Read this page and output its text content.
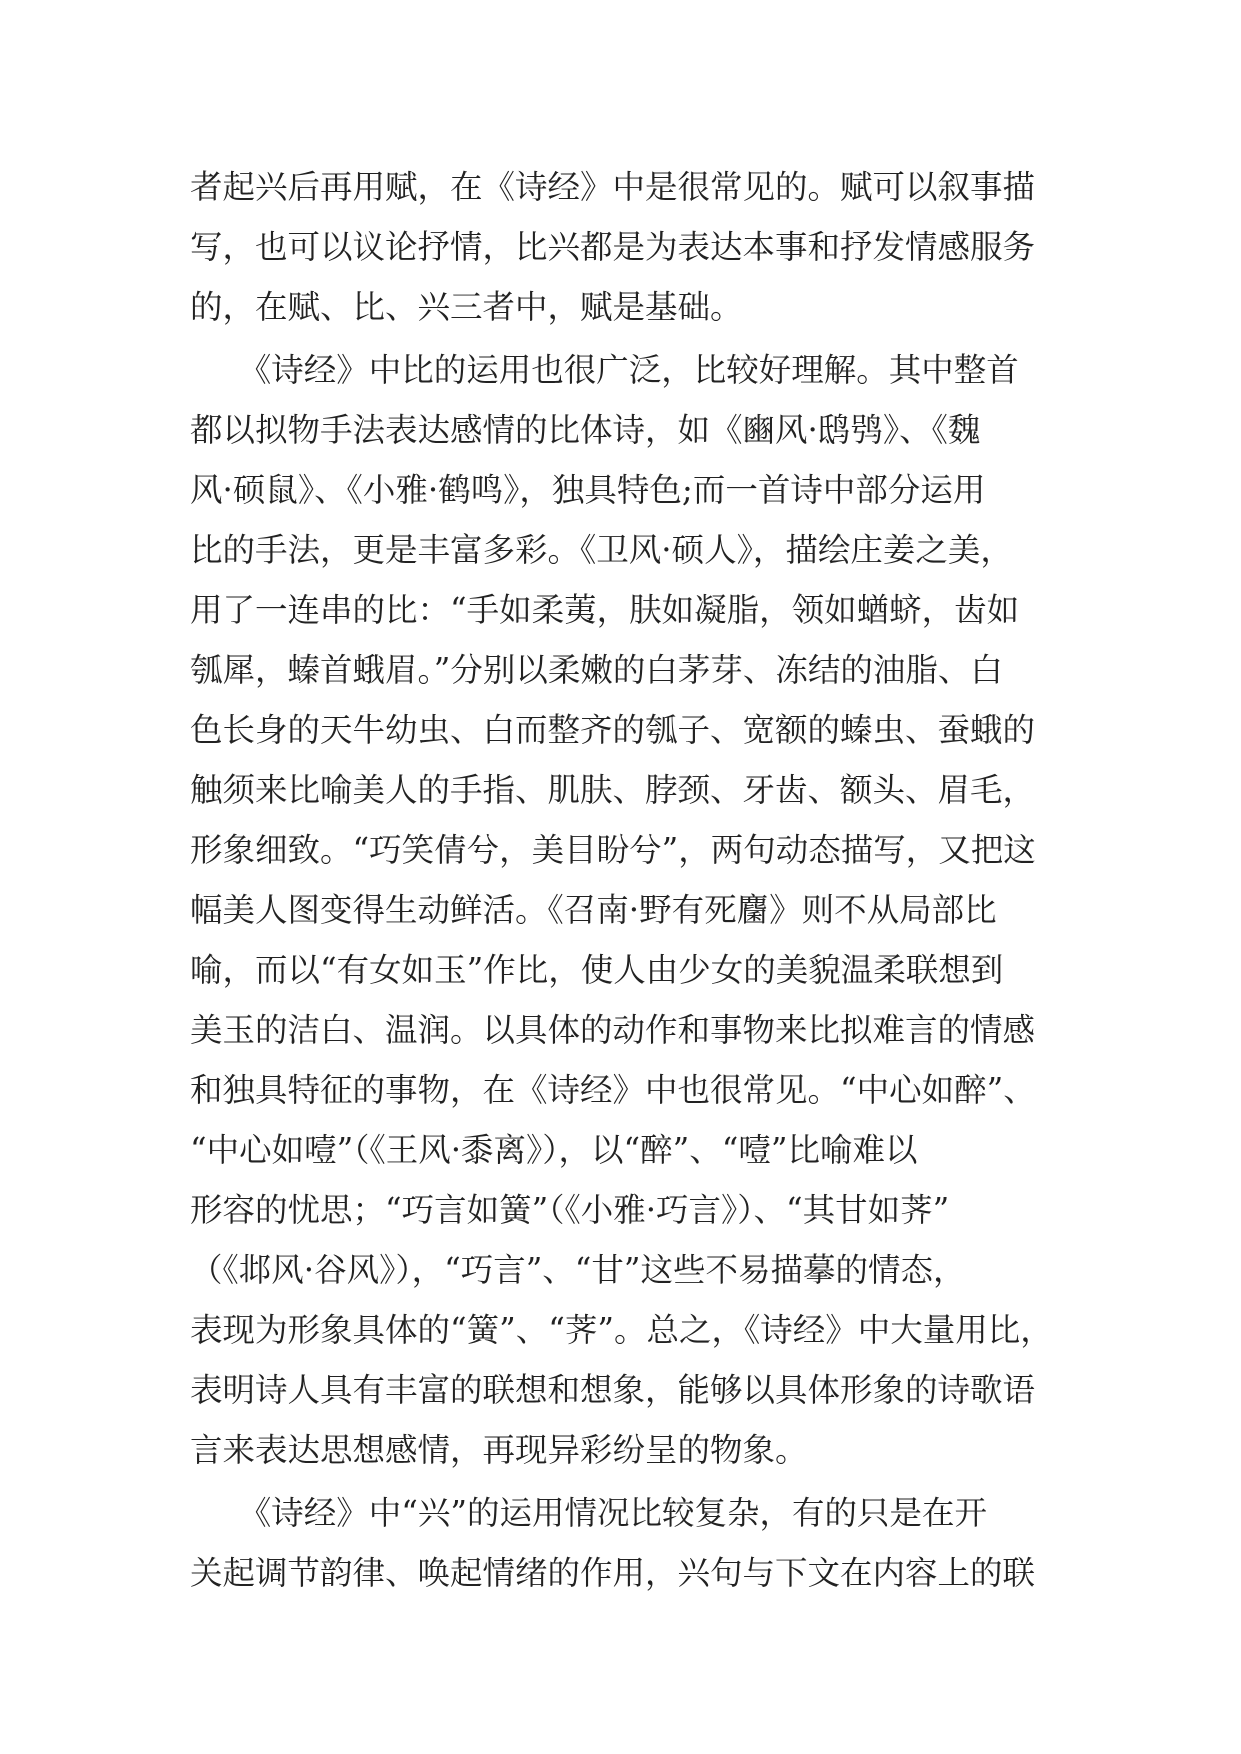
者起兴后再用赋，在《诗经》中是很常见的。赋可以叙事描
写，也可以议论抒情，比兴都是为表达本事和抒发情感服务
的，在赋、比、兴三者中，赋是基础。
　　《诗经》中比的运用也很广泛，比较好理解。其中整首
都以拟物手法表达感情的比体诗，如《豳风·鸱鸮》、《魏
风·硕鼠》、《小雅·鹤鸣》，独具特色;而一首诗中部分运用
比的手法，更是丰富多彩。《卫风·硕人》，描绘庄姜之美，
用了一连串的比：“手如柔荑，肤如凝脂，领如蝤蛴，齿如
瓠犀，螓首蛾眉。”分别以柔嫩的白茅芽、冻结的油脂、白
色长身的天牛幼虫、白而整齐的瓠子、宽额的螓虫、蚕蛾的
触须来比喻美人的手指、肌肤、脖颈、牙齿、额头、眉毛，
形象细致。“巧笑倩兮，美目盼兮”，两句动态描写，又把这
幅美人图变得生动鲜活。《召南·野有死麕》则不从局部比
喻，而以“有女如玉”作比，使人由少女的美貌温柔联想到
美玉的洁白、温润。以具体的动作和事物来比拟难言的情感
和独具特征的事物，在《诗经》中也很常见。“中心如醉”、
“中心如噎”（《王风·黍离》），以“醉”、“噎”比喻难以
形容的忧思；“巧言如簧”（《小雅·巧言》）、“其甘如荠”
（《邶风·谷风》），“巧言”、“甘”这些不易描摹的情态，
表现为形象具体的“簧”、“荠”。总之，《诗经》中大量用比，
表明诗人具有丰富的联想和想象，能够以具体形象的诗歌语
言来表达思想感情，再现异彩纷呈的物象。
　　《诗经》中“兴”的运用情况比较复杂，有的只是在开
关起调节韵律、唤起情绪的作用，兴句与下文在内容上的联
